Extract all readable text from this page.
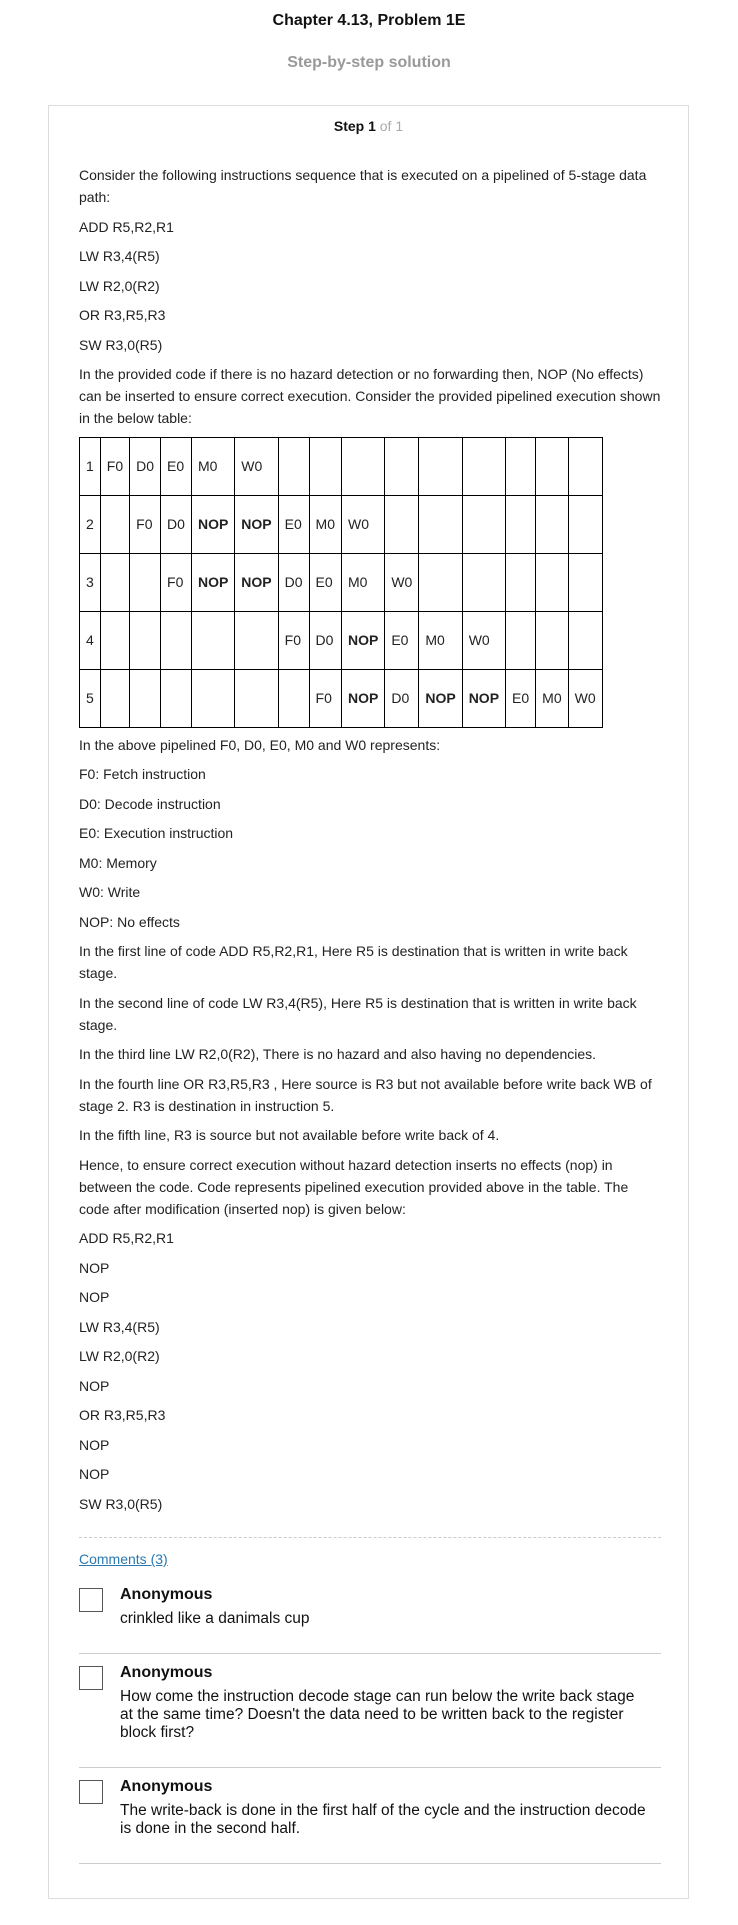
Chapter 4.13, Problem 1E
Step-by-step solution
Step 1 of 1

Consider the following instructions sequence that is executed on a pipelined of 5-stage data path:

ADD R5,R2,R1

LW R3,4(R5)

LW R2,0(R2)

OR R3,R5,R3

SW R3,0(R5)

In the provided code if there is no hazard detection or no forwarding then, NOP (No effects) can be inserted to ensure correct execution. Consider the provided pipelined execution shown in the below table:

1	F0	D0	E0	M0	W0									
2		F0	D0	NOP	NOP	E0	M0	W0						
3			F0	NOP	NOP	D0	E0	M0	W0					
4						F0	D0	NOP	E0	M0	W0			
5							F0	NOP	D0	NOP	NOP	E0	M0	W0

In the above pipelined F0, D0, E0, M0 and W0 represents:

F0: Fetch instruction

D0: Decode instruction

E0: Execution instruction

M0: Memory

W0: Write

NOP: No effects

In the first line of code ADD R5,R2,R1, Here R5 is destination that is written in write back stage.

In the second line of code LW R3,4(R5), Here R5 is destination that is written in write back stage.

In the third line LW R2,0(R2), There is no hazard and also having no dependencies.

In the fourth line OR R3,R5,R3 , Here source is R3 but not available before write back WB of stage 2. R3 is destination in instruction 5.

In the fifth line, R3 is source but not available before write back of 4.

Hence, to ensure correct execution without hazard detection inserts no effects (nop) in between the code. Code represents pipelined execution provided above in the table. The code after modification (inserted nop) is given below:

ADD R5,R2,R1

NOP

NOP

LW R3,4(R5)

LW R2,0(R2)

NOP

OR R3,R5,R3

NOP

NOP

SW R3,0(R5)

Comments (3)
Anonymous
crinkled like a danimals cup
Anonymous
How come the instruction decode stage can run below the write back stage at the same time? Doesn't the data need to be written back to the register block first?
Anonymous
The write-back is done in the first half of the cycle and the instruction decode is done in the second half.
